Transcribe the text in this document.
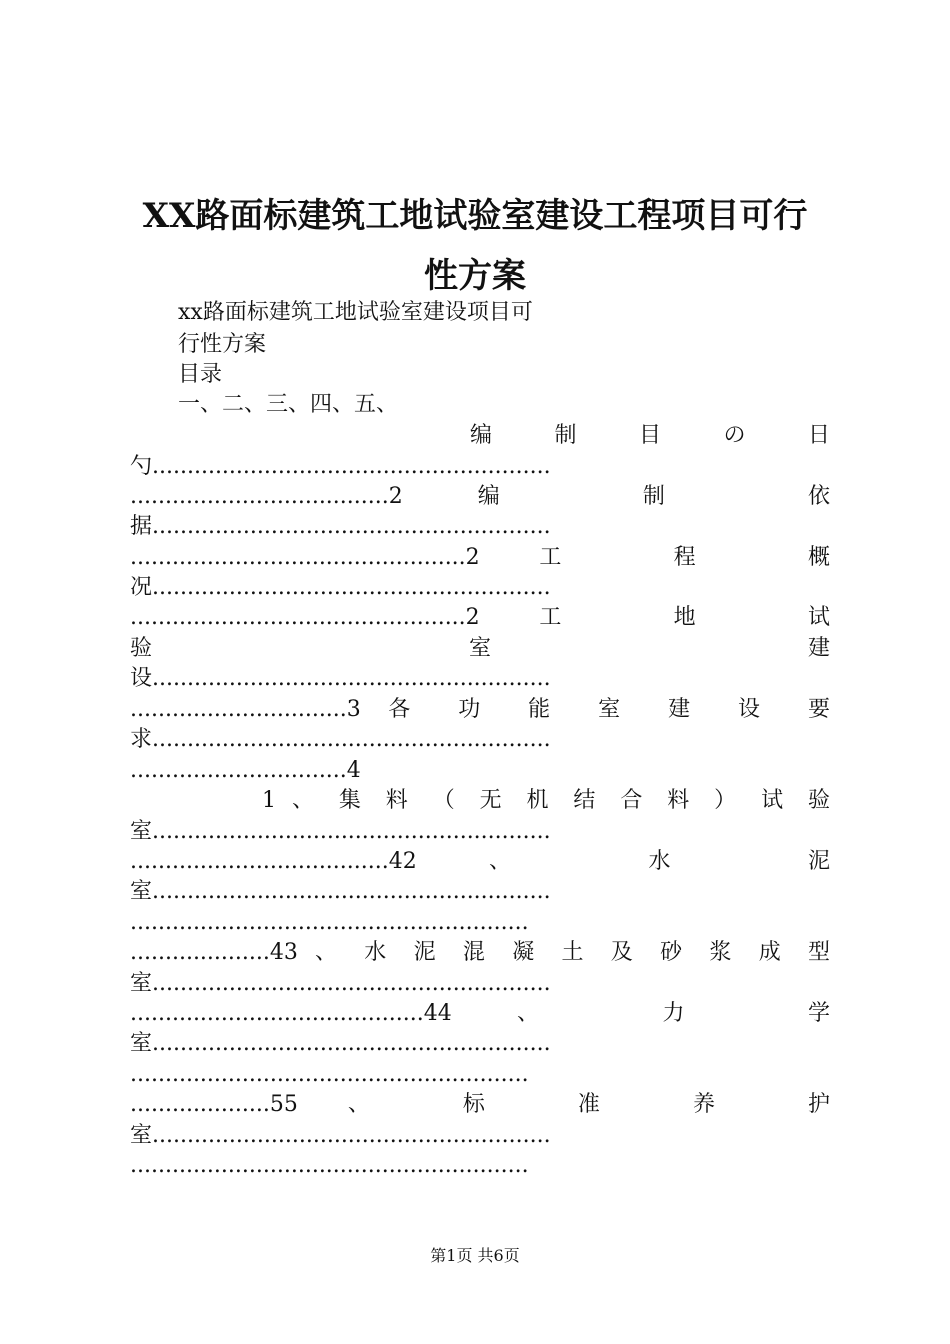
XX路面标建筑工地试验室建设工程项目可行
性方案
xx路面标建筑工地试验室建设项目可
行性方案
目录
一、二、三、四、五、
编 制 目 の 日
勺.........................................................
.....................................2 编 制 依
据.........................................................
................................................2 工 程 概
况.........................................................
................................................2 工 地 试
验 室 建
设.........................................................
...............................3 各 功 能 室 建 设 要
求.........................................................
...............................4
1 、 集 料 （ 无 机 结 合 料 ） 试 验
室.........................................................
.....................................42 、 水 泥
室.........................................................
.........................................................
....................43 、 水 泥 混 凝 土 及 砂 浆 成 型
室.........................................................
..........................................44 、 力 学
室.........................................................
.........................................................
....................55 、 标 准 养 护
室.........................................................
.........................................................
第1页 共6页
